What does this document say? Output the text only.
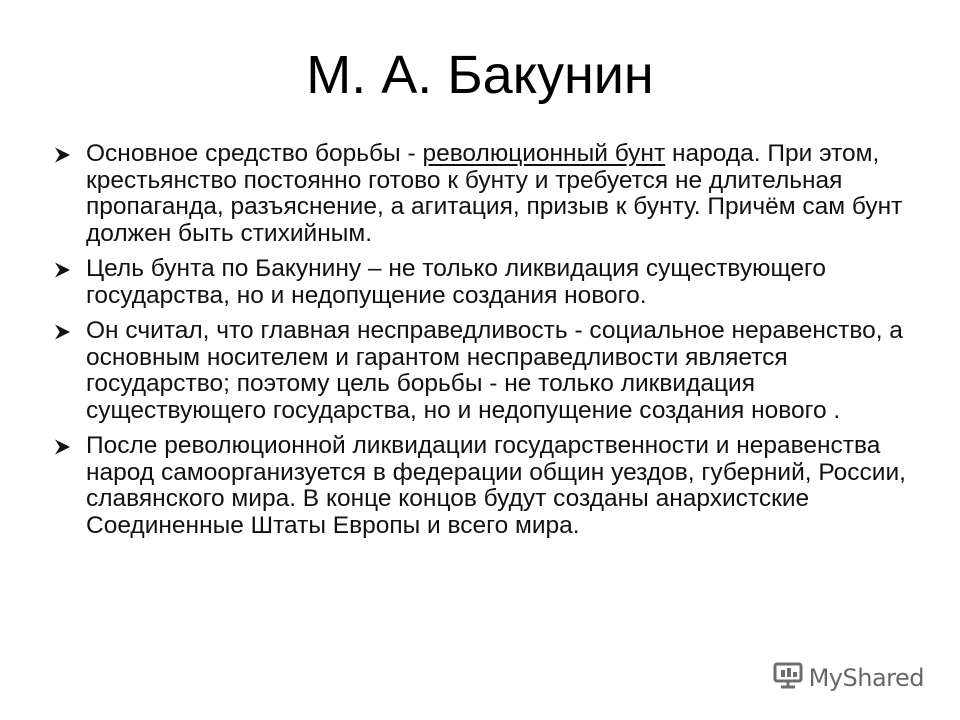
М. А. Бакунин
Основное средство борьбы - революционный бунт народа. При этом, крестьянство постоянно готово к бунту и требуется не длительная пропаганда, разъяснение, а агитация, призыв к бунту. Причём сам бунт должен быть стихийным.
Цель бунта по Бакунину – не только ликвидация существующего государства, но и недопущение создания нового.
Он считал, что главная несправедливость - социальное неравенство, а основным носителем и гарантом несправедливости является государство; поэтому цель борьбы - не только ликвидация существующего государства, но и недопущение создания нового .
После революционной ликвидации государственности и неравенства народ самоорганизуется в федерации общин уездов, губерний, России, славянского мира. В конце концов будут созданы анархистские Соединенные Штаты Европы и всего мира.
MyShared
